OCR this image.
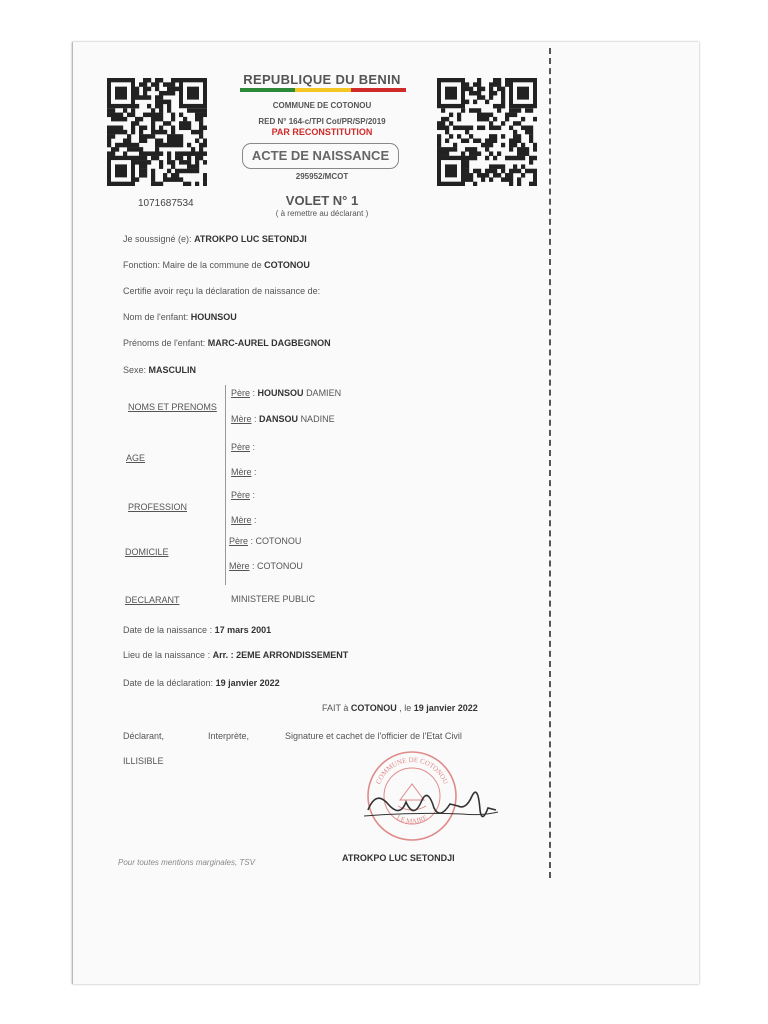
1071687534
REPUBLIQUE DU BENIN
COMMUNE DE COTONOU
RED N° 164-c/TPI Cot/PR/SP/2019
PAR RECONSTITUTION
ACTE DE NAISSANCE
295952/MCOT
VOLET N° 1
( à remettre au déclarant )
Je soussigné (e): ATROKPO LUC SETONDJI
Fonction: Maire de la commune de COTONOU
Certifie avoir reçu la déclaration de naissance de:
Nom de l'enfant: HOUNSOU
Prénoms de l'enfant: MARC-AUREL DAGBEGNON
Sexe: MASCULIN
NOMS ET PRENOMS
AGE
PROFESSION
DOMICILE
DECLARANT
Père : HOUNSOU DAMIEN
Mère : DANSOU NADINE
Père :
Mère :
Père :
Mère :
Père : COTONOU
Mère : COTONOU
MINISTERE PUBLIC
Date de la naissance : 17 mars 2001
Lieu de la naissance : Arr. : 2EME ARRONDISSEMENT
Date de la déclaration: 19 janvier 2022
FAIT à COTONOU , le 19 janvier 2022
Déclarant,	Interprète,	Signature et cachet de l'officier de l'Etat Civil
ILLISIBLE
COMMUNE DE COTONOU
LE MAIRE
ATROKPO LUC SETONDJI
Pour toutes mentions marginales, TSV
